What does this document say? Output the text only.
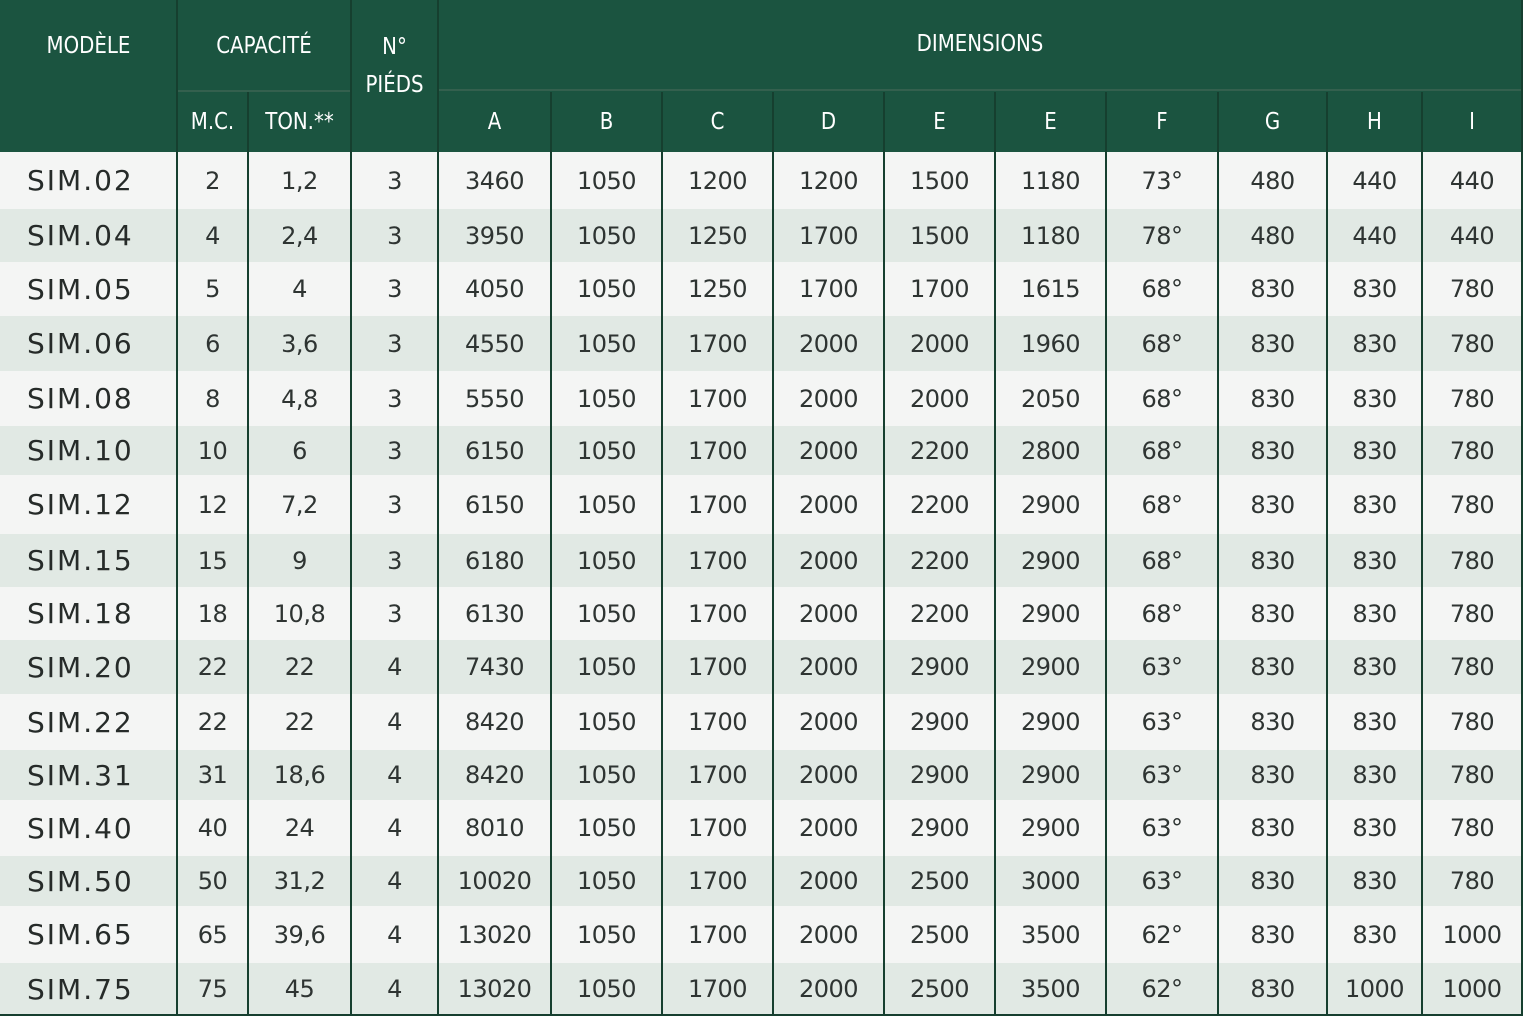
MODÈLE	CAPACITÉ	N°
PIÉDS
DIMENSIONS
M.C.	TON.**	A	B	C	D	E	E	F	G	H	I
SIM.02	2	1,2	3	3460	1050	1200	1200	1500	1180	73°	480	440	440
SIM.04	4	2,4	3	3950	1050	1250	1700	1500	1180	78°	480	440	440
SIM.05	5	4	3	4050	1050	1250	1700	1700	1615	68°	830	830	780
SIM.06	6	3,6	3	4550	1050	1700	2000	2000	1960	68°	830	830	780
SIM.08	8	4,8	3	5550	1050	1700	2000	2000	2050	68°	830	830	780
SIM.10	10	6	3	6150	1050	1700	2000	2200	2800	68°	830	830	780
SIM.12	12	7,2	3	6150	1050	1700	2000	2200	2900	68°	830	830	780
SIM.15	15	9	3	6180	1050	1700	2000	2200	2900	68°	830	830	780
SIM.18	18	10,8	3	6130	1050	1700	2000	2200	2900	68°	830	830	780
SIM.20	22	22	4	7430	1050	1700	2000	2900	2900	63°	830	830	780
SIM.22	22	22	4	8420	1050	1700	2000	2900	2900	63°	830	830	780
SIM.31	31	18,6	4	8420	1050	1700	2000	2900	2900	63°	830	830	780
SIM.40	40	24	4	8010	1050	1700	2000	2900	2900	63°	830	830	780
SIM.50	50	31,2	4	10020	1050	1700	2000	2500	3000	63°	830	830	780
SIM.65	65	39,6	4	13020	1050	1700	2000	2500	3500	62°	830	830	1000
SIM.75	75	45	4	13020	1050	1700	2000	2500	3500	62°	830	1000	1000
